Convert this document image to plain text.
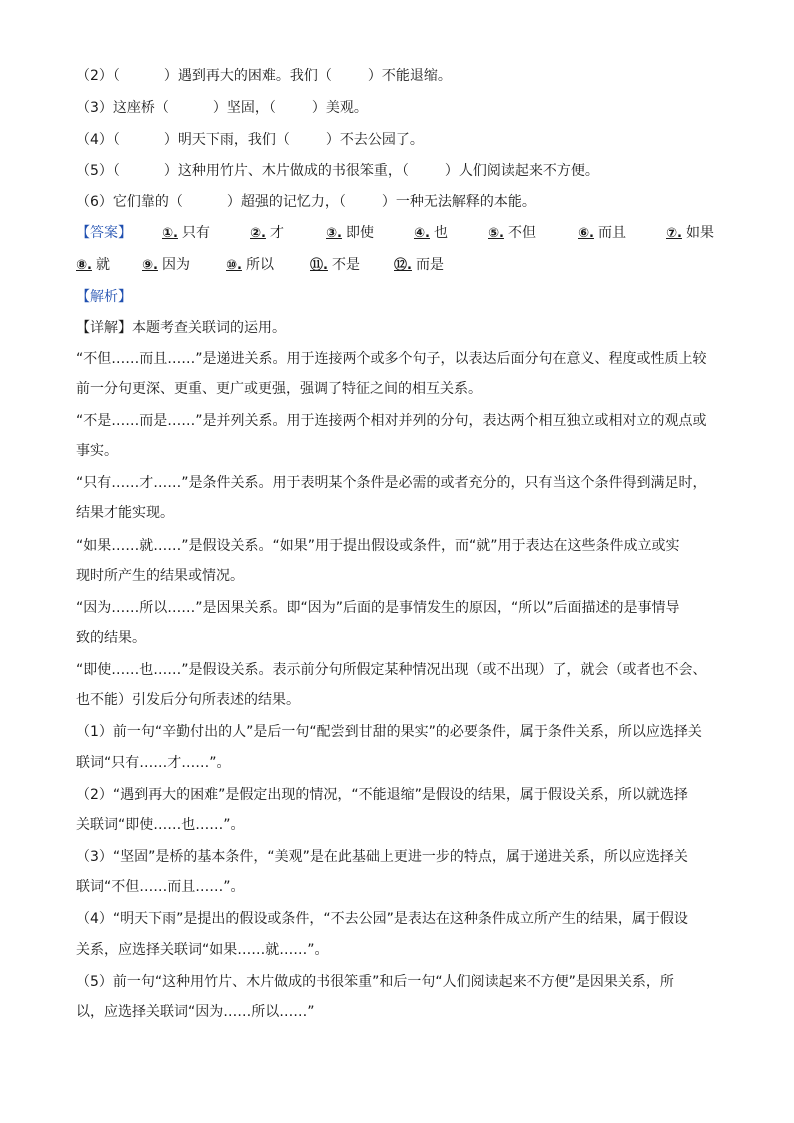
（2）（	）遇到再大的困难。我们（	）不能退缩。
（3）这座桥（	）坚固，（	）美观。
（4）（	）明天下雨，我们（	）不去公园了。
（5）（	）这种用竹片、木片做成的书很笨重，（	）人们阅读起来不方便。
（6）它们靠的（	）超强的记忆力，（	）一种无法解释的本能。
【答案】 ①. 只有	②. 才	③. 即使	④. 也	⑤. 不但	⑥. 而且	⑦. 如果
⑧. 就 ⑨. 因为	⑩. 所以	⑪. 不是	⑫. 而是
【解析】
【详解】本题考查关联词的运用。
“不但……而且……”是递进关系。用于连接两个或多个句子，以表达后面分句在意义、程度或性质上较
前一分句更深、更重、更广或更强，强调了特征之间的相互关系。
“不是……而是……”是并列关系。用于连接两个相对并列的分句，表达两个相互独立或相对立的观点或
事实。
“只有……才……”是条件关系。用于表明某个条件是必需的或者充分的，只有当这个条件得到满足时，
结果才能实现。
“如果……就……”是假设关系。“如果”用于提出假设或条件，而“就”用于表达在这些条件成立或实
现时所产生的结果或情况。
“因为……所以……”是因果关系。即“因为”后面的是事情发生的原因，“所以”后面描述的是事情导
致的结果。
“即使……也……”是假设关系。表示前分句所假定某种情况出现（或不出现）了，就会（或者也不会、
也不能）引发后分句所表述的结果。
（1）前一句“辛勤付出的人”是后一句“配尝到甘甜的果实”的必要条件，属于条件关系，所以应选择关
联词“只有……才……”。
（2）“遇到再大的困难”是假定出现的情况，“不能退缩”是假设的结果，属于假设关系，所以就选择
关联词“即使……也……”。
（3）“坚固”是桥的基本条件，“美观”是在此基础上更进一步的特点，属于递进关系，所以应选择关
联词“不但……而且……”。
（4）“明天下雨”是提出的假设或条件，“不去公园”是表达在这种条件成立所产生的结果，属于假设
关系，应选择关联词“如果……就……”。
（5）前一句“这种用竹片、木片做成的书很笨重”和后一句“人们阅读起来不方便”是因果关系，所
以，应选择关联词“因为……所以……”
